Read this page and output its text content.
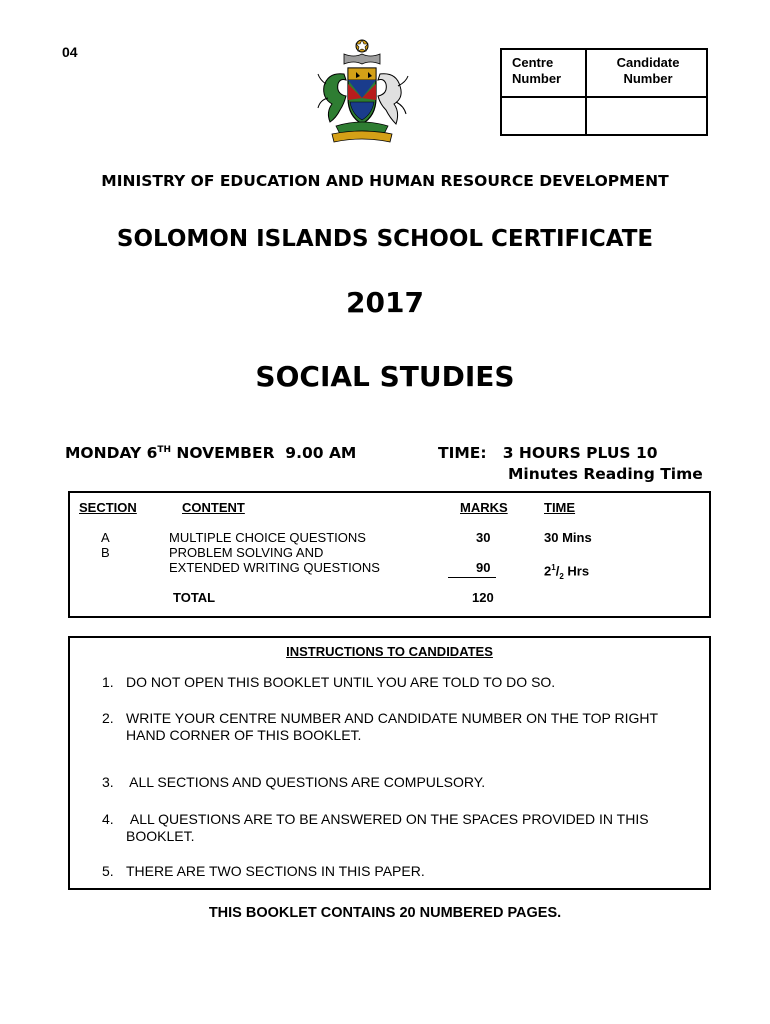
04
Centre
Number
Candidate
Number
MINISTRY OF EDUCATION AND HUMAN RESOURCE DEVELOPMENT
SOLOMON ISLANDS SCHOOL CERTIFICATE
2017
SOCIAL STUDIES
MONDAY 6TH NOVEMBER  9.00 AM	TIME:   3 HOURS PLUS 10
Minutes Reading Time
SECTION	CONTENT	MARKS	TIME
A	MULTIPLE CHOICE QUESTIONS	30	30 Mins
B	PROBLEM SOLVING AND
EXTENDED WRITING QUESTIONS	90	$2^1/_2$ Hrs
TOTAL	120
INSTRUCTIONS TO CANDIDATES
1. DO NOT OPEN THIS BOOKLET UNTIL YOU ARE TOLD TO DO SO.
2. WRITE YOUR CENTRE NUMBER AND CANDIDATE NUMBER ON THE TOP RIGHT HAND CORNER OF THIS BOOKLET.
3. ALL SECTIONS AND QUESTIONS ARE COMPULSORY.
4. ALL QUESTIONS ARE TO BE ANSWERED ON THE SPACES PROVIDED IN THIS BOOKLET.
5. THERE ARE TWO SECTIONS IN THIS PAPER.
THIS BOOKLET CONTAINS 20 NUMBERED PAGES.
